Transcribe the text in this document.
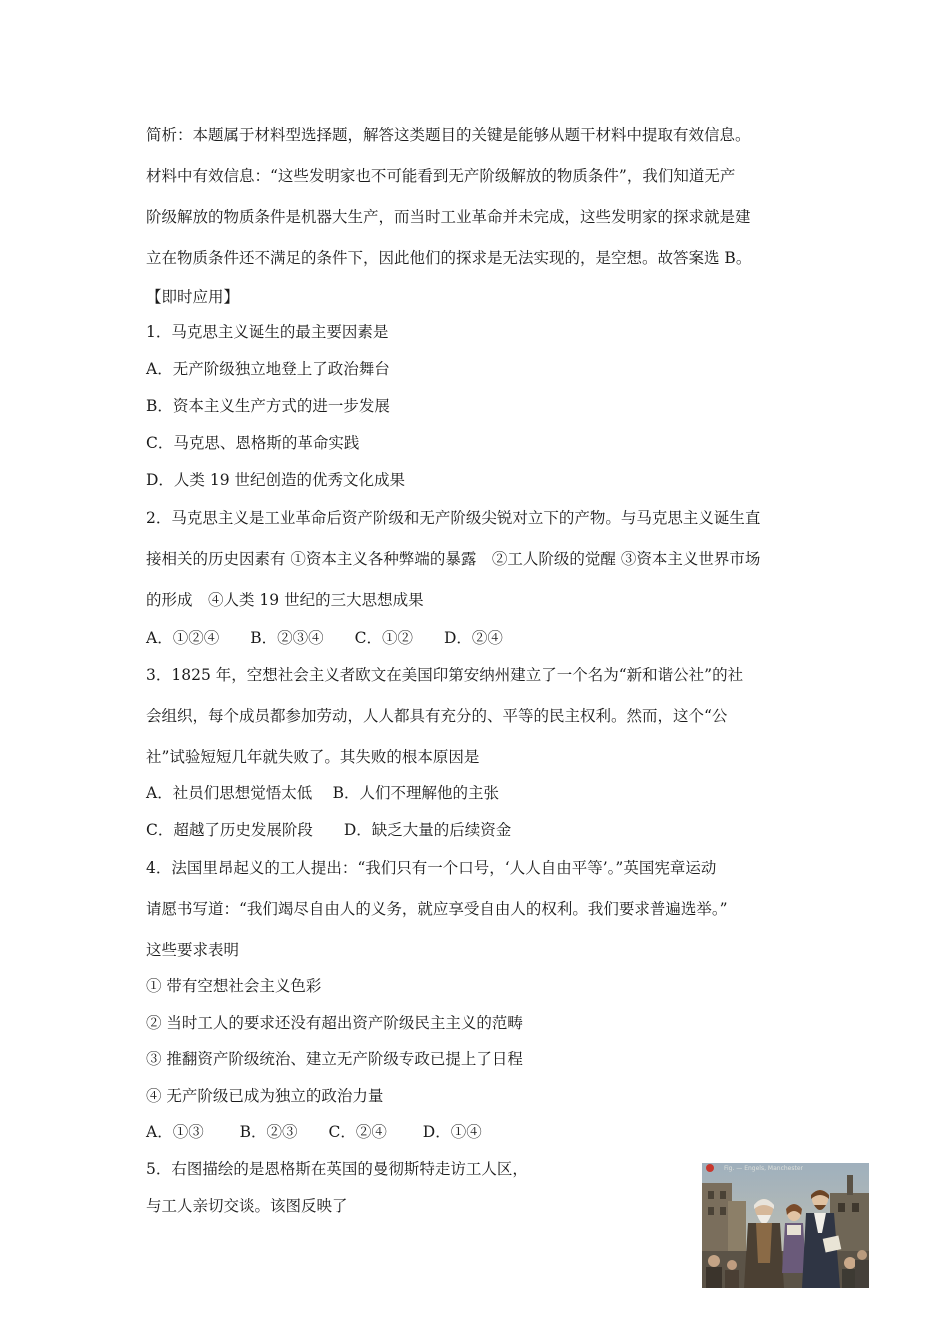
简析：本题属于材料型选择题，解答这类题目的关键是能够从题干材料中提取有效信息。
材料中有效信息：“这些发明家也不可能看到无产阶级解放的物质条件”，我们知道无产
阶级解放的物质条件是机器大生产，而当时工业革命并未完成，这些发明家的探求就是建
立在物质条件还不满足的条件下，因此他们的探求是无法实现的，是空想。故答案选 B。
【即时应用】
1．马克思主义诞生的最主要因素是
A．无产阶级独立地登上了政治舞台
B．资本主义生产方式的进一步发展
C．马克思、恩格斯的革命实践
D．人类 19 世纪创造的优秀文化成果
2．马克思主义是工业革命后资产阶级和无产阶级尖锐对立下的产物。与马克思主义诞生直
接相关的历史因素有 ①资本主义各种弊端的暴露　②工人阶级的觉醒 ③资本主义世界市场
的形成　④人类 19 世纪的三大思想成果
A．①②④　　B．②③④　　C．①②　　D．②④
3．1825 年，空想社会主义者欧文在美国印第安纳州建立了一个名为“新和谐公社”的社
会组织，每个成员都参加劳动，人人都具有充分的、平等的民主权利。然而，这个“公
社”试验短短几年就失败了。其失败的根本原因是
A．社员们思想觉悟太低　 B．人们不理解他的主张
C．超越了历史发展阶段　　D．缺乏大量的后续资金
4．法国里昂起义的工人提出：“我们只有一个口号，‘人人自由平等’。”英国宪章运动
请愿书写道：“我们竭尽自由人的义务，就应享受自由人的权利。我们要求普遍选举。”
这些要求表明
① 带有空想社会主义色彩
② 当时工人的要求还没有超出资产阶级民主主义的范畴
③ 推翻资产阶级统治、建立无产阶级专政已提上了日程
④ 无产阶级已成为独立的政治力量
A．①③　　 B．②③　　C．②④　　 D．①④
5．右图描绘的是恩格斯在英国的曼彻斯特走访工人区，
与工人亲切交谈。该图反映了
Fig. — Engels, Manchester
